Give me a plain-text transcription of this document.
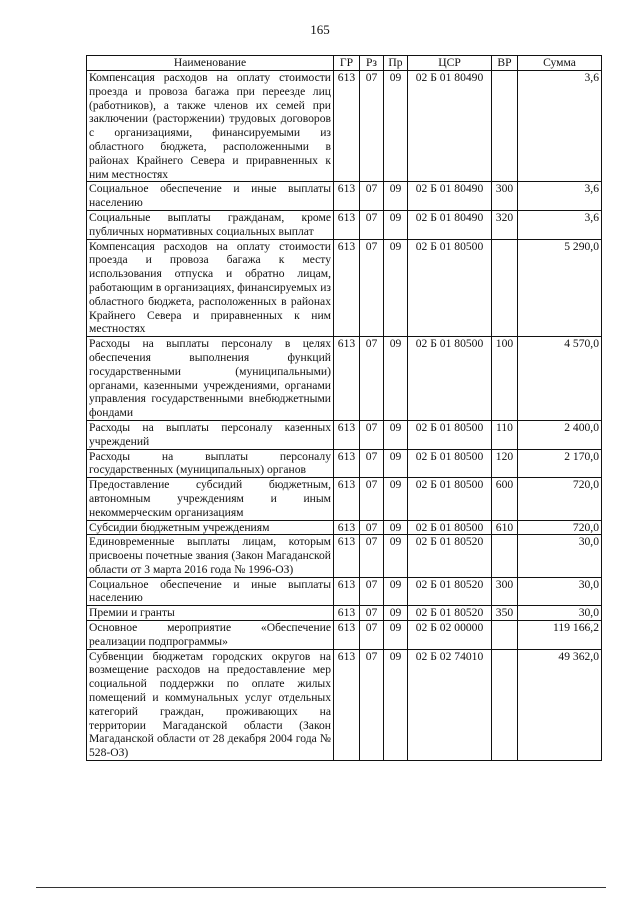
165
Наименование	ГР	Рз	Пр	ЦСР	ВР	Сумма
Компенсация расходов на оплату стоимости проезда и провоза багажа при переезде лиц (работников), а также членов их семей при заключении (расторжении) трудовых договоров с организациями, финансируемыми из областного бюджета, расположенными в районах Крайнего Севера и приравненных к ним местностях	613	07	09	02 Б 01 80490		3,6
Социальное обеспечение и иные выплаты населению	613	07	09	02 Б 01 80490	300	3,6
Социальные выплаты гражданам, кроме публичных нормативных социальных выплат	613	07	09	02 Б 01 80490	320	3,6
Компенсация расходов на оплату стоимости проезда и провоза багажа к месту использования отпуска и обратно лицам, работающим в организациях, финансируемых из областного бюджета, расположенных в районах Крайнего Севера и приравненных к ним местностях	613	07	09	02 Б 01 80500		5 290,0
Расходы на выплаты персоналу в целях обеспечения выполнения функций государственными (муниципальными) органами, казенными учреждениями, органами управления государственными внебюджетными фондами	613	07	09	02 Б 01 80500	100	4 570,0
Расходы на выплаты персоналу казенных учреждений	613	07	09	02 Б 01 80500	110	2 400,0
Расходы на выплаты персоналу государственных (муниципальных) органов	613	07	09	02 Б 01 80500	120	2 170,0
Предоставление субсидий бюджетным, автономным учреждениям и иным некоммерческим организациям	613	07	09	02 Б 01 80500	600	720,0
Субсидии бюджетным учреждениям	613	07	09	02 Б 01 80500	610	720,0
Единовременные выплаты лицам, которым присвоены почетные звания (Закон Магаданской области от 3 марта 2016 года № 1996-ОЗ)	613	07	09	02 Б 01 80520		30,0
Социальное обеспечение и иные выплаты населению	613	07	09	02 Б 01 80520	300	30,0
Премии и гранты	613	07	09	02 Б 01 80520	350	30,0
Основное мероприятие «Обеспечение реализации подпрограммы»	613	07	09	02 Б 02 00000		119 166,2
Субвенции бюджетам городских округов на возмещение расходов на предоставление мер социальной поддержки по оплате жилых помещений и коммунальных услуг отдельных категорий граждан, проживающих на территории Магаданской области (Закон Магаданской области от 28 декабря 2004 года № 528-ОЗ)	613	07	09	02 Б 02 74010		49 362,0
